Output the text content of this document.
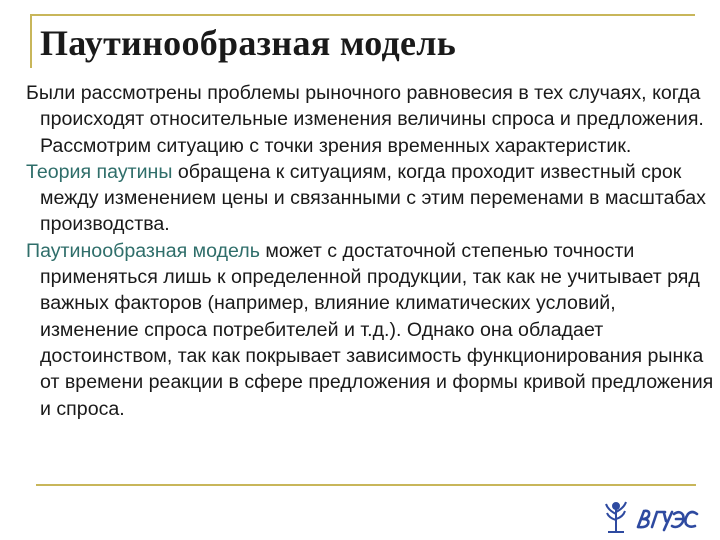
Паутинообразная модель

Были рассмотрены проблемы рыночного равновесия в тех случаях, когда происходят относительные изменения величины спроса и предложения. Рассмотрим ситуацию с точки зрения временных характеристик.

Теория паутины обращена к ситуациям, когда проходит известный срок между изменением цены и связанными с этим переменами в масштабах производства.

Паутинообразная модель может с достаточной степенью точности применяться лишь к определенной продукции, так как не учитывает ряд важных факторов (например, влияние климатических условий, изменение спроса потребителей и т.д.). Однако она обладает достоинством, так как покрывает зависимость функционирования рынка от времени реакции в сфере предложения и формы кривой предложения и спроса.
